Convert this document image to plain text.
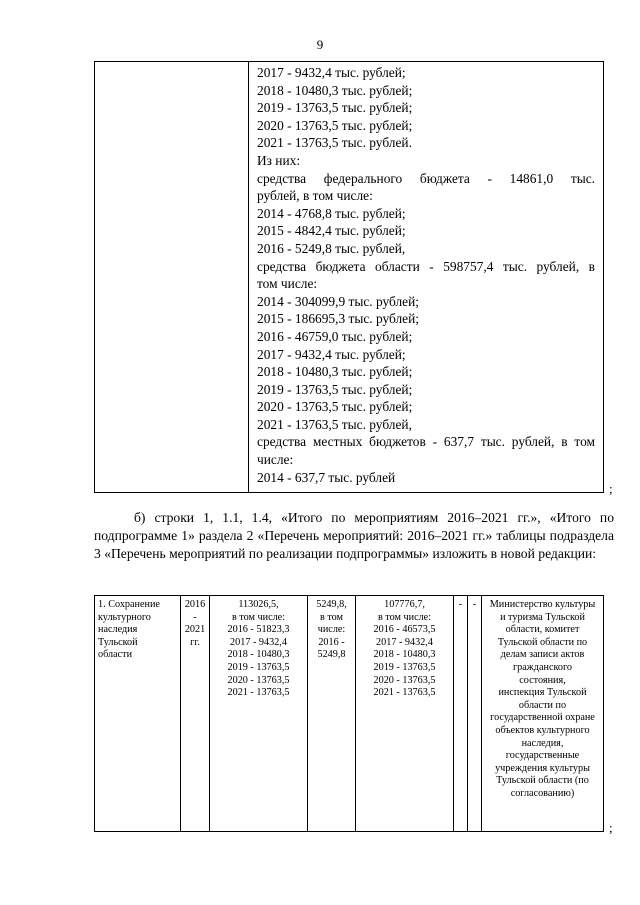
9
2017 - 9432,4 тыс. рублей;
2018 - 10480,3 тыс. рублей;
2019 - 13763,5 тыс. рублей;
2020 - 13763,5 тыс. рублей;
2021 - 13763,5 тыс. рублей.
Из них:
средства федерального бюджета - 14861,0 тыс.
рублей, в том числе:
2014 - 4768,8 тыс. рублей;
2015 - 4842,4 тыс. рублей;
2016 - 5249,8 тыс. рублей,
средства бюджета области - 598757,4 тыс. рублей, в
том числе:
2014 - 304099,9 тыс. рублей;
2015 - 186695,3 тыс. рублей;
2016 - 46759,0 тыс. рублей;
2017 - 9432,4 тыс. рублей;
2018 - 10480,3 тыс. рублей;
2019 - 13763,5 тыс. рублей;
2020 - 13763,5 тыс. рублей;
2021 - 13763,5 тыс. рублей,
средства местных бюджетов - 637,7 тыс. рублей, в том
числе:
2014 - 637,7 тыс. рублей
;
б) строки 1, 1.1, 1.4, «Итого по мероприятиям 2016–2021 гг.», «Итого по подпрограмме 1» раздела 2 «Перечень мероприятий: 2016–2021 гг.» таблицы подраздела 3 «Перечень мероприятий по реализации подпрограммы» изложить в новой редакции:
1. Сохранение
культурного
наследия
Тульской
области
2016
-
2021
гг.
113026,5,
в том числе:
2016 - 51823,3
2017 - 9432,4
2018 - 10480,3
2019 - 13763,5
2020 - 13763,5
2021 - 13763,5
5249,8,
в том
числе:
2016 -
5249,8
107776,7,
в том числе:
2016 - 46573,5
2017 - 9432,4
2018 - 10480,3
2019 - 13763,5
2020 - 13763,5
2021 - 13763,5
-	-	Министерство культуры
и туризма Тульской
области, комитет
Тульской области по
делам записи актов
гражданского
состояния,
инспекция Тульской
области по
государственной охране
объектов культурного
наследия,
государственные
учреждения культуры
Тульской области (по
согласованию)
;
